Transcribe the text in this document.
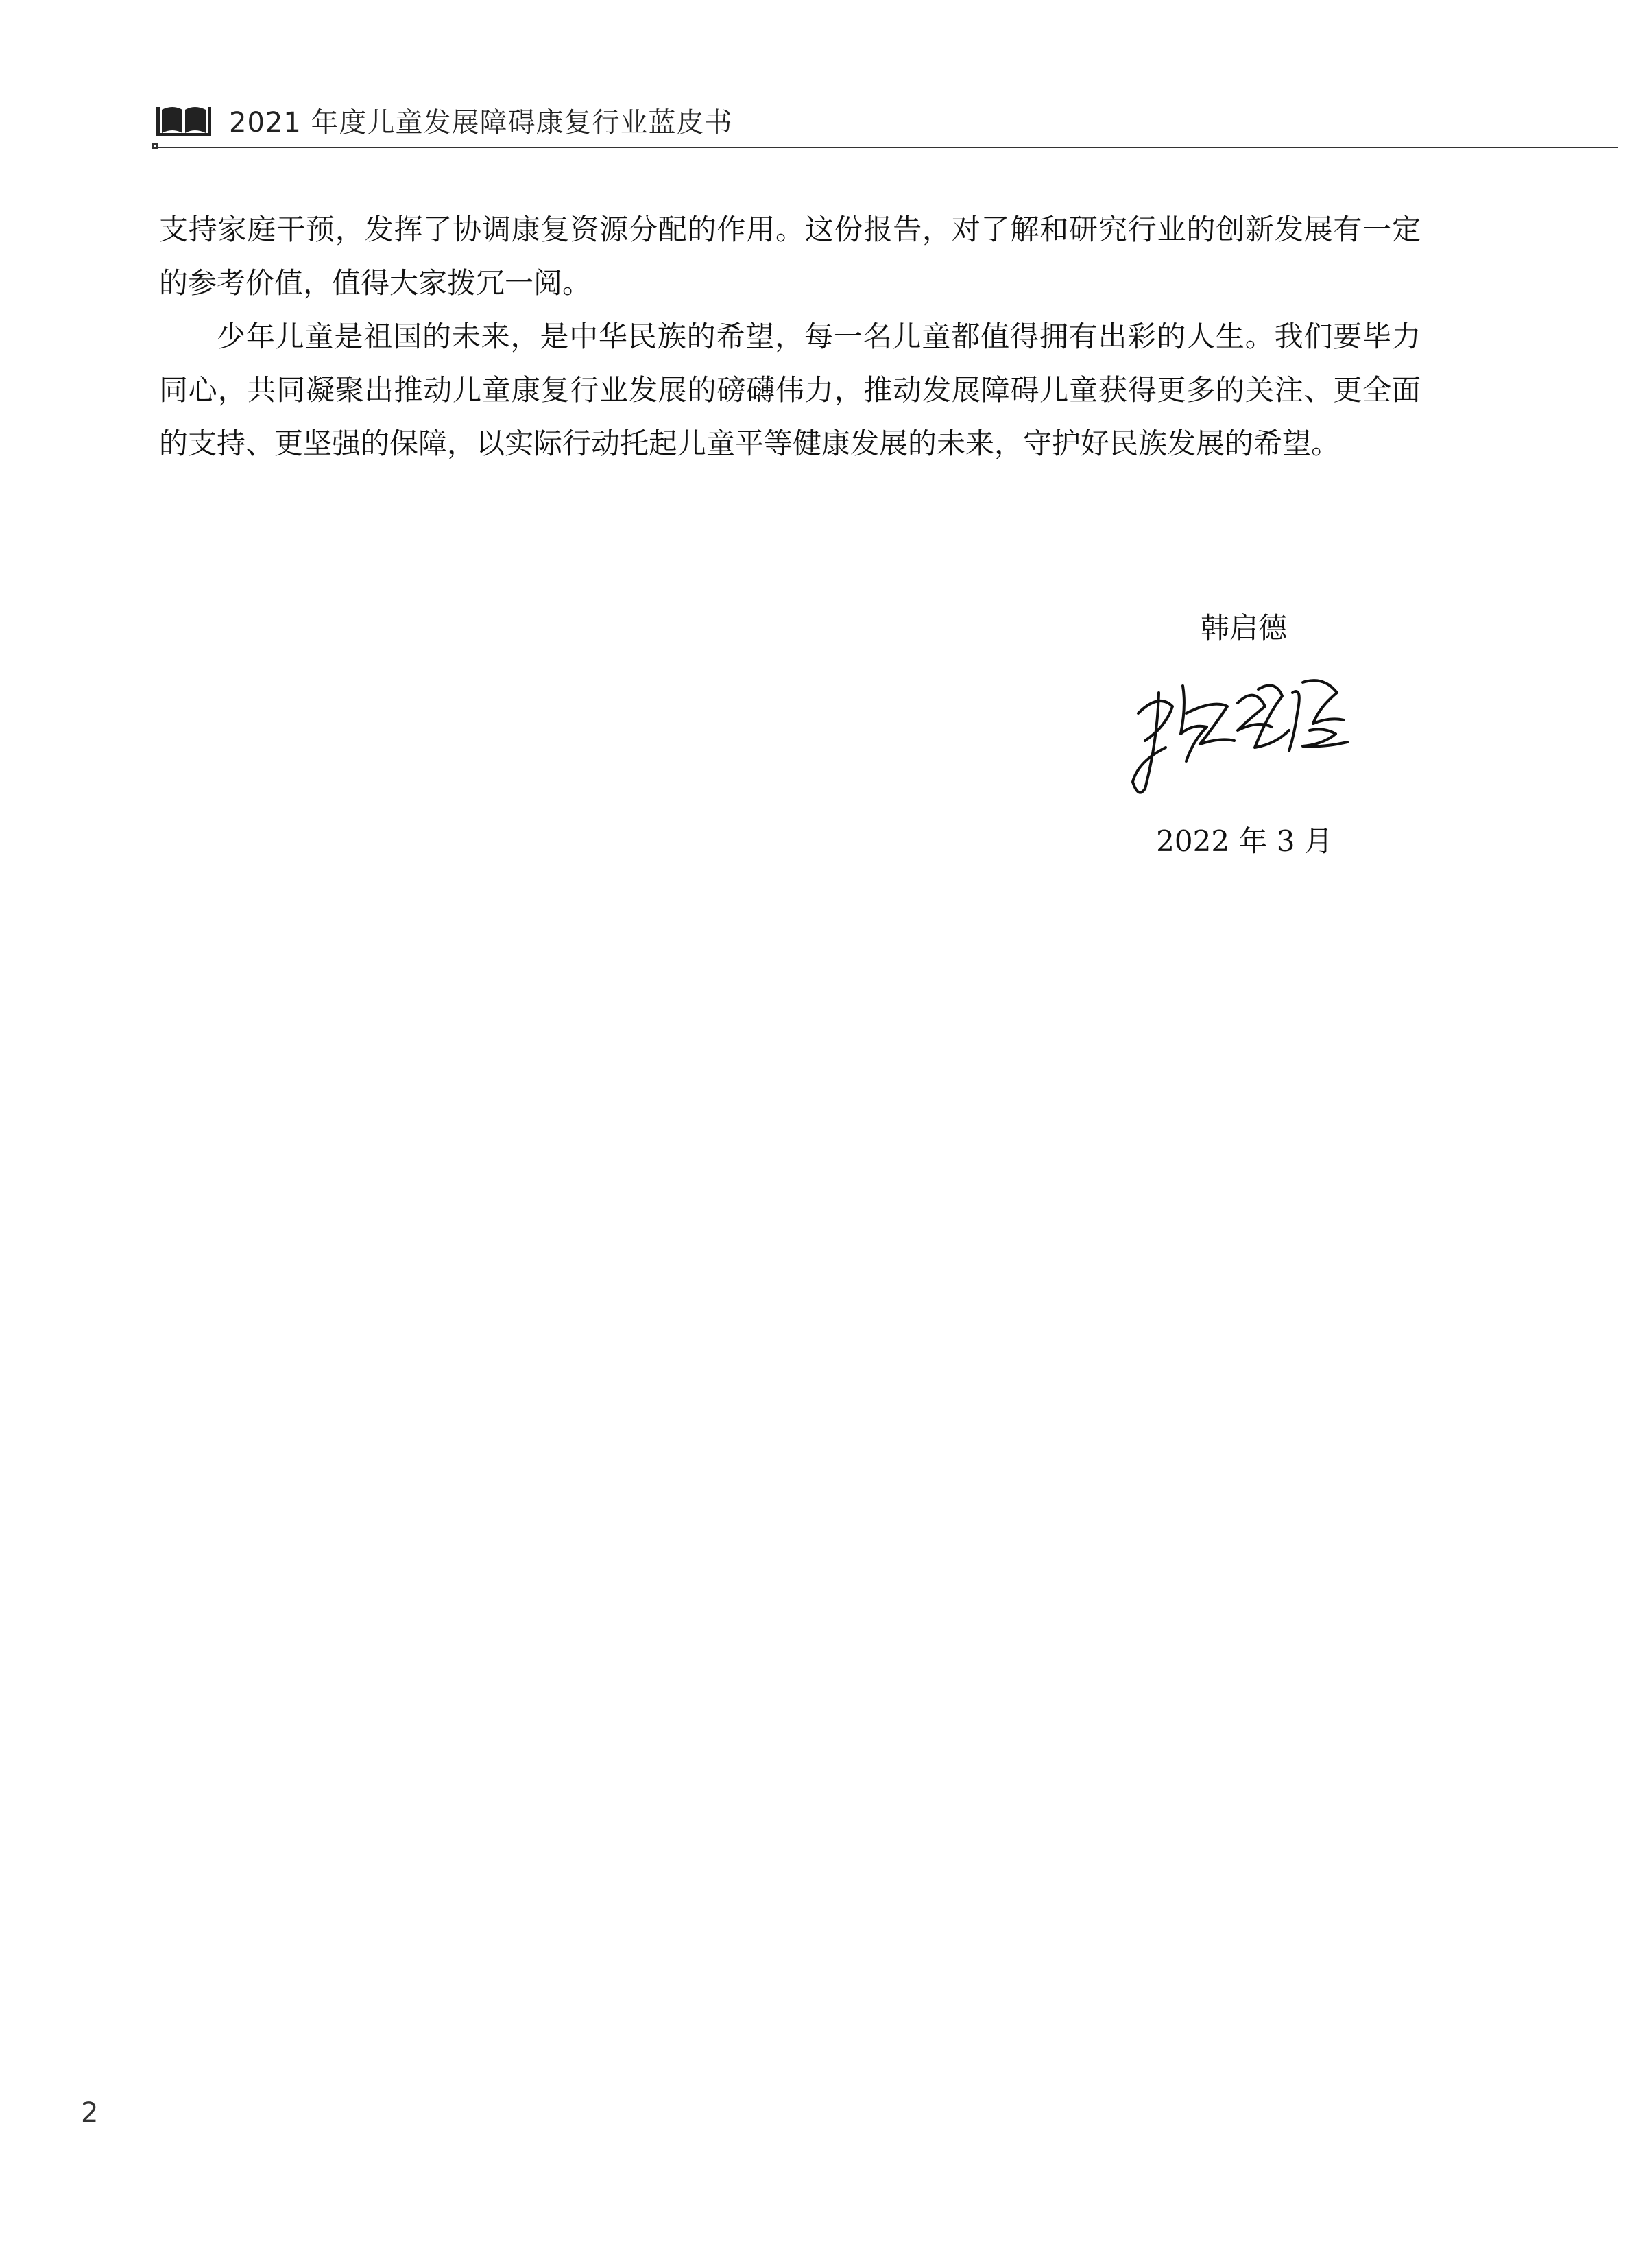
2021 年度儿童发展障碍康复行业蓝皮书

支持家庭干预，发挥了协调康复资源分配的作用。这份报告，对了解和研究行业的创新发展有一定的参考价值，值得大家拨冗一阅。

少年儿童是祖国的未来，是中华民族的希望，每一名儿童都值得拥有出彩的人生。我们要毕力同心，共同凝聚出推动儿童康复行业发展的磅礴伟力，推动发展障碍儿童获得更多的关注、更全面的支持、更坚强的保障，以实际行动托起儿童平等健康发展的未来，守护好民族发展的希望。

韩启德
2022 年 3 月
2
